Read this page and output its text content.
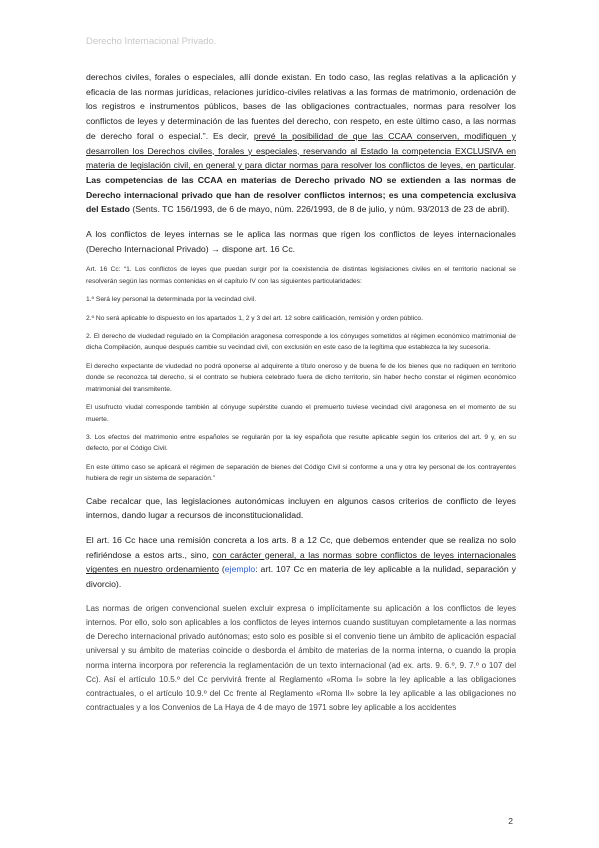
Derecho Internacional Privado.

derechos civiles, forales o especiales, allí donde existan. En todo caso, las reglas relativas a la aplicación y eficacia de las normas jurídicas, relaciones jurídico-civiles relativas a las formas de matrimonio, ordenación de los registros e instrumentos públicos, bases de las obligaciones contractuales, normas para resolver los conflictos de leyes y determinación de las fuentes del derecho, con respeto, en este último caso, a las normas de derecho foral o especial.”. Es decir, prevé la posibilidad de que las CCAA conserven, modifiquen y desarrollen los Derechos civiles, forales y especiales, reservando al Estado la competencia EXCLUSIVA en materia de legislación civil, en general y para dictar normas para resolver los conflictos de leyes, en particular. Las competencias de las CCAA en materias de Derecho privado NO se extienden a las normas de Derecho internacional privado que han de resolver conflictos internos; es una competencia exclusiva del Estado (Sents. TC 156/1993, de 6 de mayo, núm. 226/1993, de 8 de julio, y núm. 93/2013 de 23 de abril).

A los conflictos de leyes internas se le aplica las normas que rigen los conflictos de leyes internacionales (Derecho Internacional Privado) → dispone art. 16 Cc.

Art. 16 Cc: “1. Los conflictos de leyes que puedan surgir por la coexistencia de distintas legislaciones civiles en el territorio nacional se resolverán según las normas contenidas en el capítulo IV con las siguientes particularidades:

1.º Será ley personal la determinada por la vecindad civil.

2.º No será aplicable lo dispuesto en los apartados 1, 2 y 3 del art. 12 sobre calificación, remisión y orden público.

2. El derecho de viudedad regulado en la Compilación aragonesa corresponde a los cónyuges sometidos al régimen económico matrimonial de dicha Compilación, aunque después cambie su vecindad civil, con exclusión en este caso de la legítima que establezca la ley sucesoria.

El derecho expectante de viudedad no podrá oponerse al adquirente a título oneroso y de buena fe de los bienes que no radiquen en territorio donde se reconozca tal derecho, si el contrato se hubiera celebrado fuera de dicho territorio, sin haber hecho constar el régimen económico matrimonial del transmitente.

El usufructo viudal corresponde también al cónyuge supérstite cuando el premuerto tuviese vecindad civil aragonesa en el momento de su muerte.

3. Los efectos del matrimonio entre españoles se regularán por la ley española que resulte aplicable según los criterios del art. 9 y, en su defecto, por el Código Civil.

En este último caso se aplicará el régimen de separación de bienes del Código Civil si conforme a una y otra ley personal de los contrayentes hubiera de regir un sistema de separación.”

Cabe recalcar que, las legislaciones autonómicas incluyen en algunos casos criterios de conflicto de leyes internos, dando lugar a recursos de inconstitucionalidad.

El art. 16 Cc hace una remisión concreta a los arts. 8 a 12 Cc, que debemos entender que se realiza no solo refiriéndose a estos arts., sino, con carácter general, a las normas sobre conflictos de leyes internacionales vigentes en nuestro ordenamiento (ejemplo: art. 107 Cc en materia de ley aplicable a la nulidad, separación y divorcio).

Las normas de origen convencional suelen excluir expresa o implícitamente su aplicación a los conflictos de leyes internos. Por ello, solo son aplicables a los conflictos de leyes internos cuando sustituyan completamente a las normas de Derecho internacional privado autónomas; esto solo es posible si el convenio tiene un ámbito de aplicación espacial universal y su ámbito de materias coincide o desborda el ámbito de materias de la norma interna, o cuando la propia norma interna incorpora por referencia la reglamentación de un texto internacional (ad ex. arts. 9. 6.º, 9. 7.º o 107 del Cc). Así el artículo 10.5.º del Cc pervivirá frente al Reglamento «Roma I» sobre la ley aplicable a las obligaciones contractuales, o el artículo 10.9.º del Cc frente al Reglamento «Roma II» sobre la ley aplicable a las obligaciones no contractuales y a los Convenios de La Haya de 4 de mayo de 1971 sobre ley aplicable a los accidentes

2
